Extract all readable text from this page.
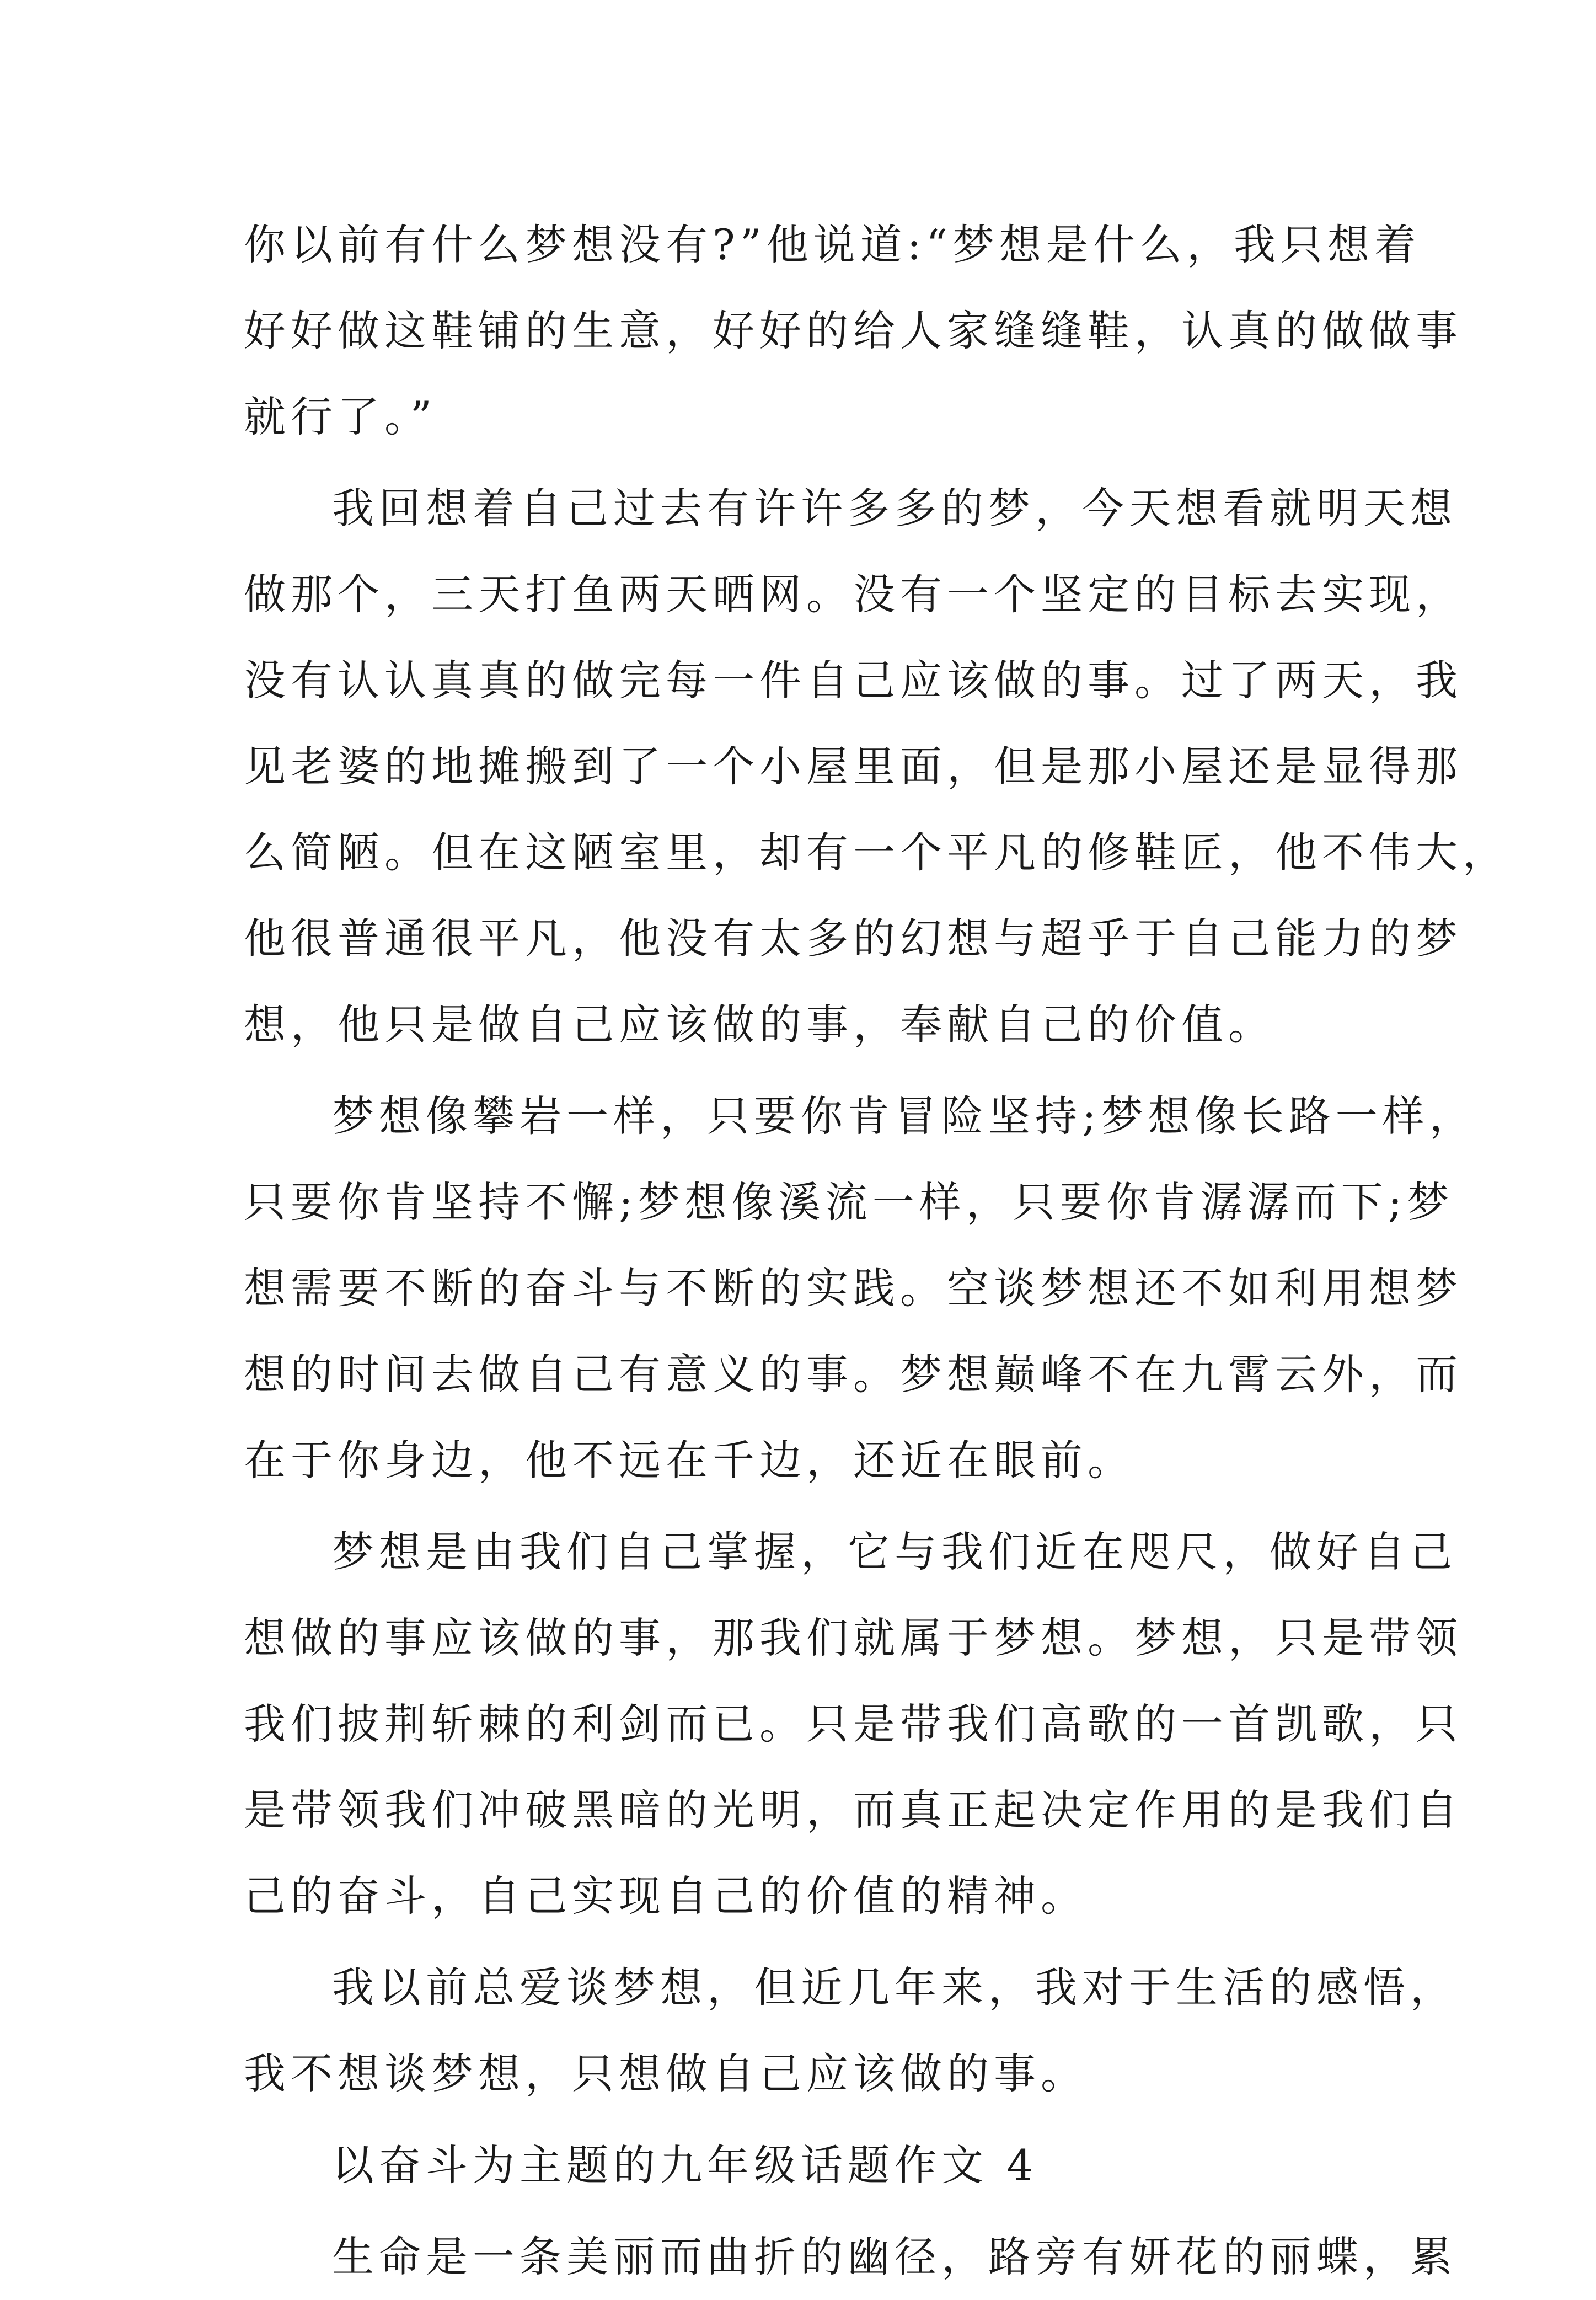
你以前有什么梦想没有?”他说道:“梦想是什么，我只想着
好好做这鞋铺的生意，好好的给人家缝缝鞋，认真的做做事
就行了。”
我回想着自己过去有许许多多的梦，今天想看就明天想
做那个，三天打鱼两天晒网。没有一个坚定的目标去实现，
没有认认真真的做完每一件自己应该做的事。过了两天，我
见老婆的地摊搬到了一个小屋里面，但是那小屋还是显得那
么简陋。但在这陋室里，却有一个平凡的修鞋匠，他不伟大，
他很普通很平凡，他没有太多的幻想与超乎于自己能力的梦
想，他只是做自己应该做的事，奉献自己的价值。
梦想像攀岩一样，只要你肯冒险坚持;梦想像长路一样，
只要你肯坚持不懈;梦想像溪流一样，只要你肯潺潺而下;梦
想需要不断的奋斗与不断的实践。空谈梦想还不如利用想梦
想的时间去做自己有意义的事。梦想巅峰不在九霄云外，而
在于你身边，他不远在千边，还近在眼前。
梦想是由我们自己掌握，它与我们近在咫尺，做好自己
想做的事应该做的事，那我们就属于梦想。梦想，只是带领
我们披荆斩棘的利剑而已。只是带我们高歌的一首凯歌，只
是带领我们冲破黑暗的光明，而真正起决定作用的是我们自
己的奋斗，自己实现自己的价值的精神。
我以前总爱谈梦想，但近几年来，我对于生活的感悟，
我不想谈梦想，只想做自己应该做的事。
以奋斗为主题的九年级话题作文 4
生命是一条美丽而曲折的幽径，路旁有妍花的丽蝶，累
